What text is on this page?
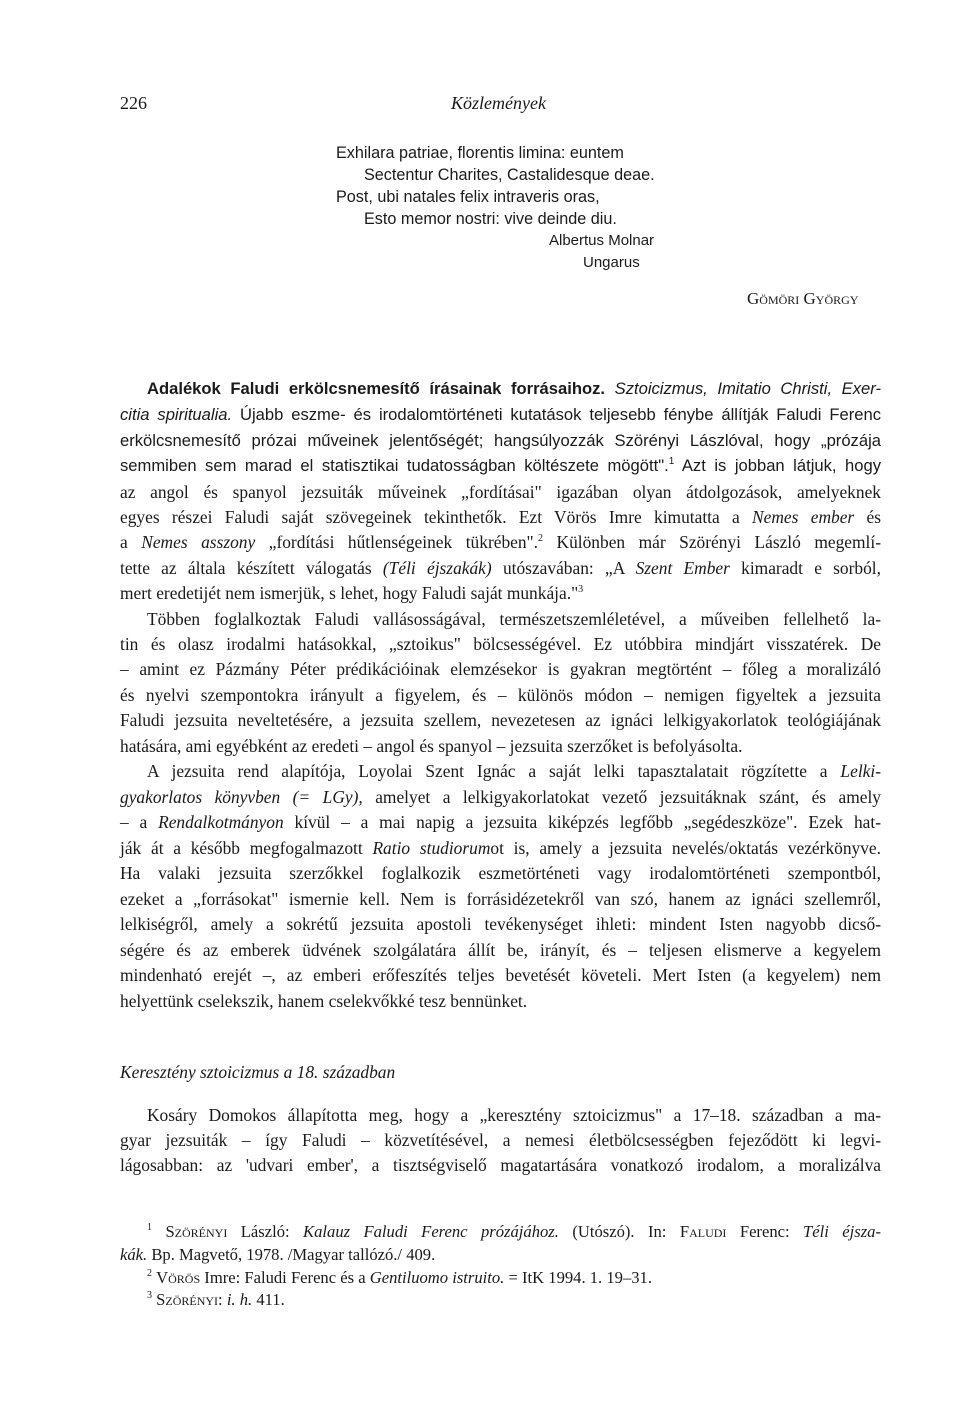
226	Közlemények
Exhilara patriae, florentis limina: euntem
Sectentur Charites, Castalidesque deae.
Post, ubi natales felix intraveris oras,
Esto memor nostri: vive deinde diu.
Albertus Molnar
Ungarus
Gömöri György
Adalékok Faludi erkölcsnemesítő írásainak forrásaihoz. Sztoicizmus, Imitatio Christi, Exer-
citia spiritualia. Újabb eszme- és irodalomtörténeti kutatások teljesebb fénybe állítják Faludi Ferenc
erkölcsnemesítő prózai műveinek jelentőségét; hangsúlyozzák Szörényi Lászlóval, hogy „prózája
semmiben sem marad el statisztikai tudatosságban költészete mögött".$^1$ Azt is jobban látjuk, hogy
az angol és spanyol jezsuiták műveinek „fordításai" igazában olyan átdolgozások, amelyeknek
egyes részei Faludi saját szövegeinek tekinthetők. Ezt Vörös Imre kimutatta a Nemes ember és
a Nemes asszony „fordítási hűtlenségeinek tükrében".$^2$ Különben már Szörényi László megemlí-
tette az általa készített válogatás (Téli éjszakák) utószavában: „A Szent Ember kimaradt e sorból,
mert eredetijét nem ismerjük, s lehet, hogy Faludi saját munkája."$^3$
Többen foglalkoztak Faludi vallásosságával, természetszemléletével, a műveiben fellelhető la-
tin és olasz irodalmi hatásokkal, „sztoikus" bölcsességével. Ez utóbbira mindjárt visszatérek. De
– amint ez Pázmány Péter prédikációinak elemzésekor is gyakran megtörtént – főleg a moralizáló
és nyelvi szempontokra irányult a figyelem, és – különös módon – nemigen figyeltek a jezsuita
Faludi jezsuita neveltetésére, a jezsuita szellem, nevezetesen az ignáci lelkigyakorlatok teológiájának
hatására, ami egyébként az eredeti – angol és spanyol – jezsuita szerzőket is befolyásolta.
A jezsuita rend alapítója, Loyolai Szent Ignác a saját lelki tapasztalatait rögzítette a Lelki-
gyakorlatos könyvben (= LGy), amelyet a lelkigyakorlatokat vezető jezsuitáknak szánt, és amely
– a Rendalkotmányon kívül – a mai napig a jezsuita kiképzés legfőbb „segédeszköze". Ezek hat-
ják át a később megfogalmazott Ratio studiorumot is, amely a jezsuita nevelés/oktatás vezérkönyve.
Ha valaki jezsuita szerzőkkel foglalkozik eszmetörténeti vagy irodalomtörténeti szempontból,
ezeket a „forrásokat" ismernie kell. Nem is forrásidézetekről van szó, hanem az ignáci szellemről,
lelkiségről, amely a sokrétű jezsuita apostoli tevékenységet ihleti: mindent Isten nagyobb dicső-
ségére és az emberek üdvének szolgálatára állít be, irányít, és – teljesen elismerve a kegyelem
mindenható erejét –, az emberi erőfeszítés teljes bevetését követeli. Mert Isten (a kegyelem) nem
helyettünk cselekszik, hanem cselekvőkké tesz bennünket.
Keresztény sztoicizmus a 18. században
Kosáry Domokos állapította meg, hogy a „keresztény sztoicizmus" a 17–18. században a ma-
gyar jezsuiták – így Faludi – közvetítésével, a nemesi életbölcsességben fejeződött ki legvi-
lágosabban: az 'udvari ember', a tisztségviselő magatartására vonatkozó irodalom, a moralizálva
$^1$ Szörényi László: Kalauz Faludi Ferenc prózájához. (Utószó). In: Faludi Ferenc: Téli éjsza-
kák. Bp. Magvető, 1978. /Magyar tallózó./ 409.
$^2$ Vörös Imre: Faludi Ferenc és a Gentiluomo istruito. = ItK 1994. 1. 19–31.
$^3$ Szörényi: i. h. 411.
